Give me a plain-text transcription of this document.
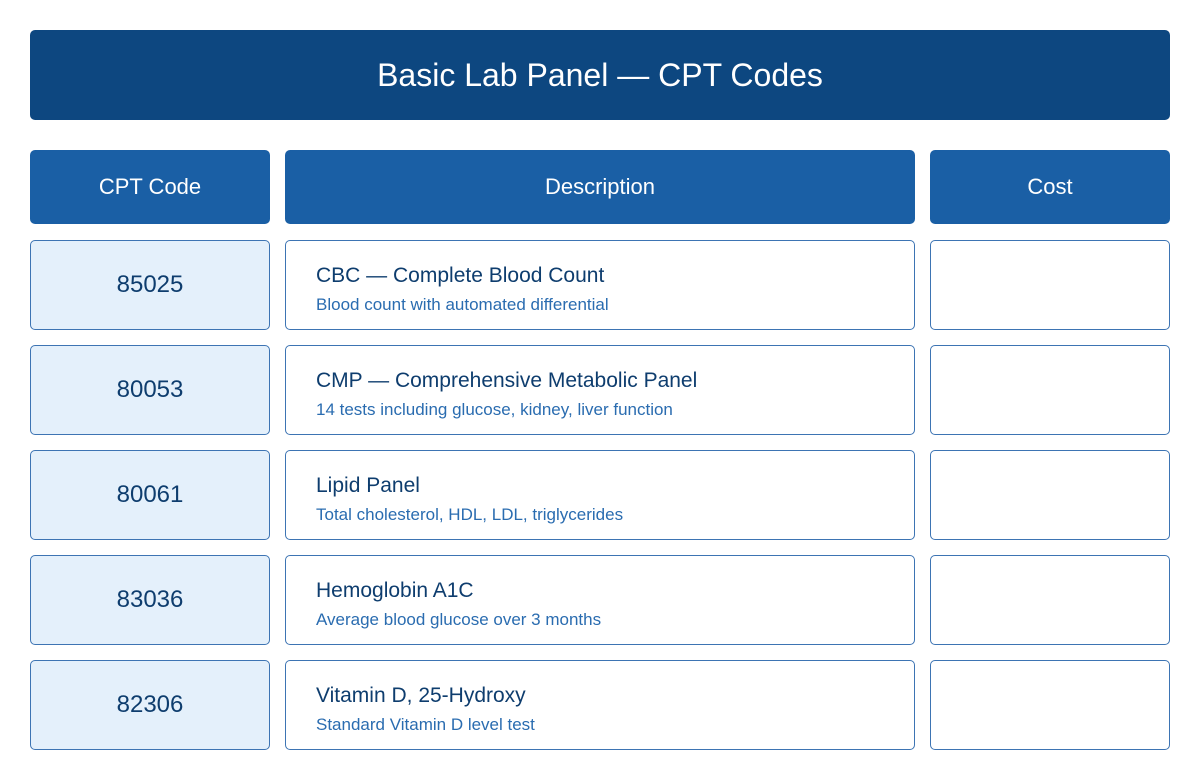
Basic Lab Panel — CPT Codes
CPT Code	Description	Cost
85025	CBC — Complete Blood Count
Blood count with automated differential
80053	CMP — Comprehensive Metabolic Panel
14 tests including glucose, kidney, liver function
80061	Lipid Panel
Total cholesterol, HDL, LDL, triglycerides
83036	Hemoglobin A1C
Average blood glucose over 3 months
82306	Vitamin D, 25-Hydroxy
Standard Vitamin D level test
